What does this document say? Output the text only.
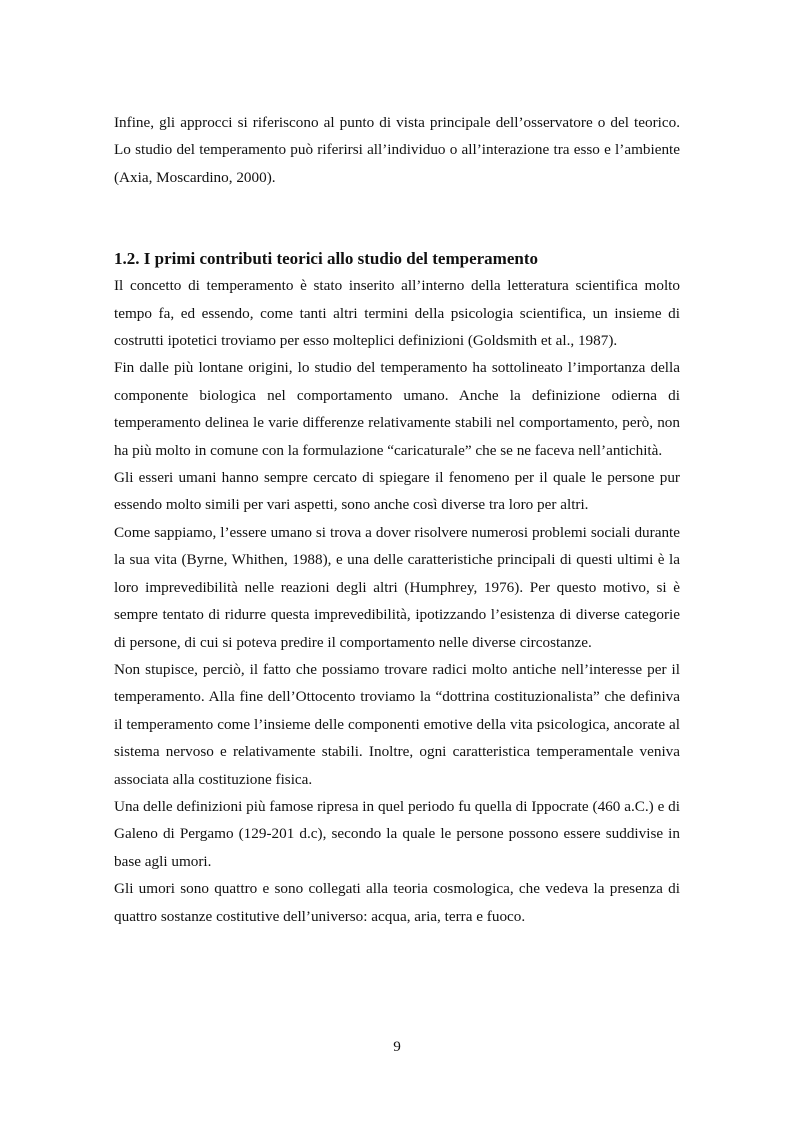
Infine, gli approcci si riferiscono al punto di vista principale dell’osservatore o del teorico. Lo studio del temperamento può riferirsi all’individuo o all’interazione tra esso e l’ambiente (Axia, Moscardino, 2000).

1.2. I primi contributi teorici allo studio del temperamento

Il concetto di temperamento è stato inserito all’interno della letteratura scientifica molto tempo fa, ed essendo, come tanti altri termini della psicologia scientifica, un insieme di costrutti ipotetici troviamo per esso molteplici definizioni (Goldsmith et al., 1987).

Fin dalle più lontane origini, lo studio del temperamento ha sottolineato l’importanza della componente biologica nel comportamento umano. Anche la definizione odierna di temperamento delinea le varie differenze relativamente stabili nel comportamento, però, non ha più molto in comune con la formulazione “caricaturale” che se ne faceva nell’antichità.

Gli esseri umani hanno sempre cercato di spiegare il fenomeno per il quale le persone pur essendo molto simili per vari aspetti, sono anche così diverse tra loro per altri.

Come sappiamo, l’essere umano si trova a dover risolvere numerosi problemi sociali durante la sua vita (Byrne, Whithen, 1988), e una delle caratteristiche principali di questi ultimi è la loro imprevedibilità nelle reazioni degli altri (Humphrey, 1976). Per questo motivo, si è sempre tentato di ridurre questa imprevedibilità, ipotizzando l’esistenza di diverse categorie di persone, di cui si poteva predire il comportamento nelle diverse circostanze.

Non stupisce, perciò, il fatto che possiamo trovare radici molto antiche nell’interesse per il temperamento. Alla fine dell’Ottocento troviamo la “dottrina costituzionalista” che definiva il temperamento come l’insieme delle componenti emotive della vita psicologica, ancorate al sistema nervoso e relativamente stabili. Inoltre, ogni caratteristica temperamentale veniva associata alla costituzione fisica.

Una delle definizioni più famose ripresa in quel periodo fu quella di Ippocrate (460 a.C.) e di Galeno di Pergamo (129-201 d.c), secondo la quale le persone possono essere suddivise in base agli umori.

Gli umori sono quattro e sono collegati alla teoria cosmologica, che vedeva la presenza di quattro sostanze costitutive dell’universo: acqua, aria, terra e fuoco.

9
